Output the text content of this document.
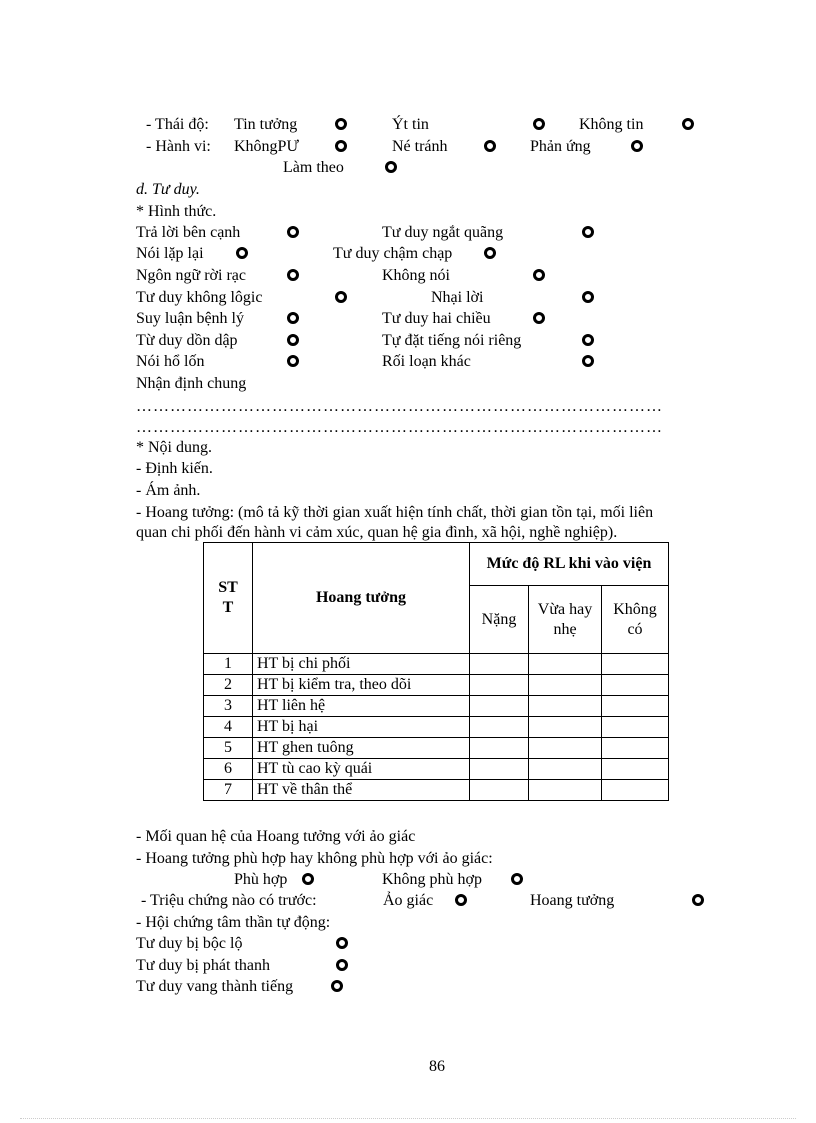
- Thái độ: Tin tưởng	Ýt tin	Không tin
- Hành vi: KhôngPƯ	Né tránh	Phản ứng
Làm theo
d. Tư duy.
* Hình thức.
Trả lời bên cạnh	Tư duy ngắt quãng
Nói lặp lại	Tư duy chậm chạp
Ngôn ngữ rời rạc	Không nói
Tư duy không lôgic	Nhại lời
Suy luận bệnh lý	Tư duy hai chiều
Từ duy dồn dập	Tự đặt tiếng nói riêng
Nói hổ lốn	Rối loạn khác
Nhận định chung
…………………………………………………………………………………
…………………………………………………………………………………
* Nội dung.
- Định kiến.
- Ám ảnh.
- Hoang tưởng: (mô tả kỹ thời gian xuất hiện tính chất, thời gian tồn tại, mối liên
quan chi phối đến hành vi cảm xúc, quan hệ gia đình, xã hội, nghề nghiệp).
ST T	Hoang tưởng	Mức độ RL khi vào viện		
		Nặng	Vừa hay nhẹ	Không có
1	HT bị chi phối			
2	HT bị kiểm tra, theo dõi			
3	HT liên hệ			
4	HT bị hại			
5	HT ghen tuông			
6	HT tù cao kỳ quái			
7	HT về thân thể			
- Mối quan hệ của Hoang tưởng với ảo giác
- Hoang tưởng phù hợp hay không phù hợp với ảo giác:
Phù hợp	Không phù hợp
- Triệu chứng nào có trước:	Ảo giác	Hoang tưởng
- Hội chứng tâm thần tự động:
Tư duy bị bộc lộ
Tư duy bị phát thanh
Tư duy vang thành tiếng
86
